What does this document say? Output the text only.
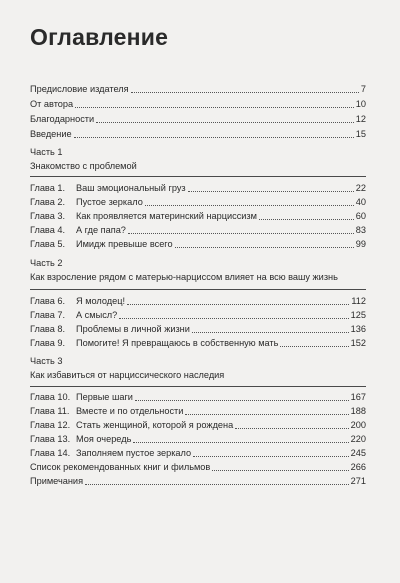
Оглавление
Предисловие издателя	7
От автора	10
Благодарности	12
Введение	15
Часть 1
Знакомство с проблемой
Глава 1.	Ваш эмоциональный груз	22
Глава 2.	Пустое зеркало	40
Глава 3.	Как проявляется материнский нарциссизм	60
Глава 4.	А где папа?	83
Глава 5.	Имидж превыше всего	99
Часть 2
Как взросление рядом с матерью-нарциссом влияет на всю вашу жизнь
Глава 6.	Я молодец!	112
Глава 7.	А смысл?	125
Глава 8.	Проблемы в личной жизни	136
Глава 9.	Помогите! Я превращаюсь в собственную мать	152
Часть 3
Как избавиться от нарциссического наследия
Глава 10. Первые шаги	167
Глава 11. Вместе и по отдельности	188
Глава 12. Стать женщиной, которой я рождена	200
Глава 13. Моя очередь	220
Глава 14. Заполняем пустое зеркало	245
Список рекомендованных книг и фильмов	266
Примечания	271
